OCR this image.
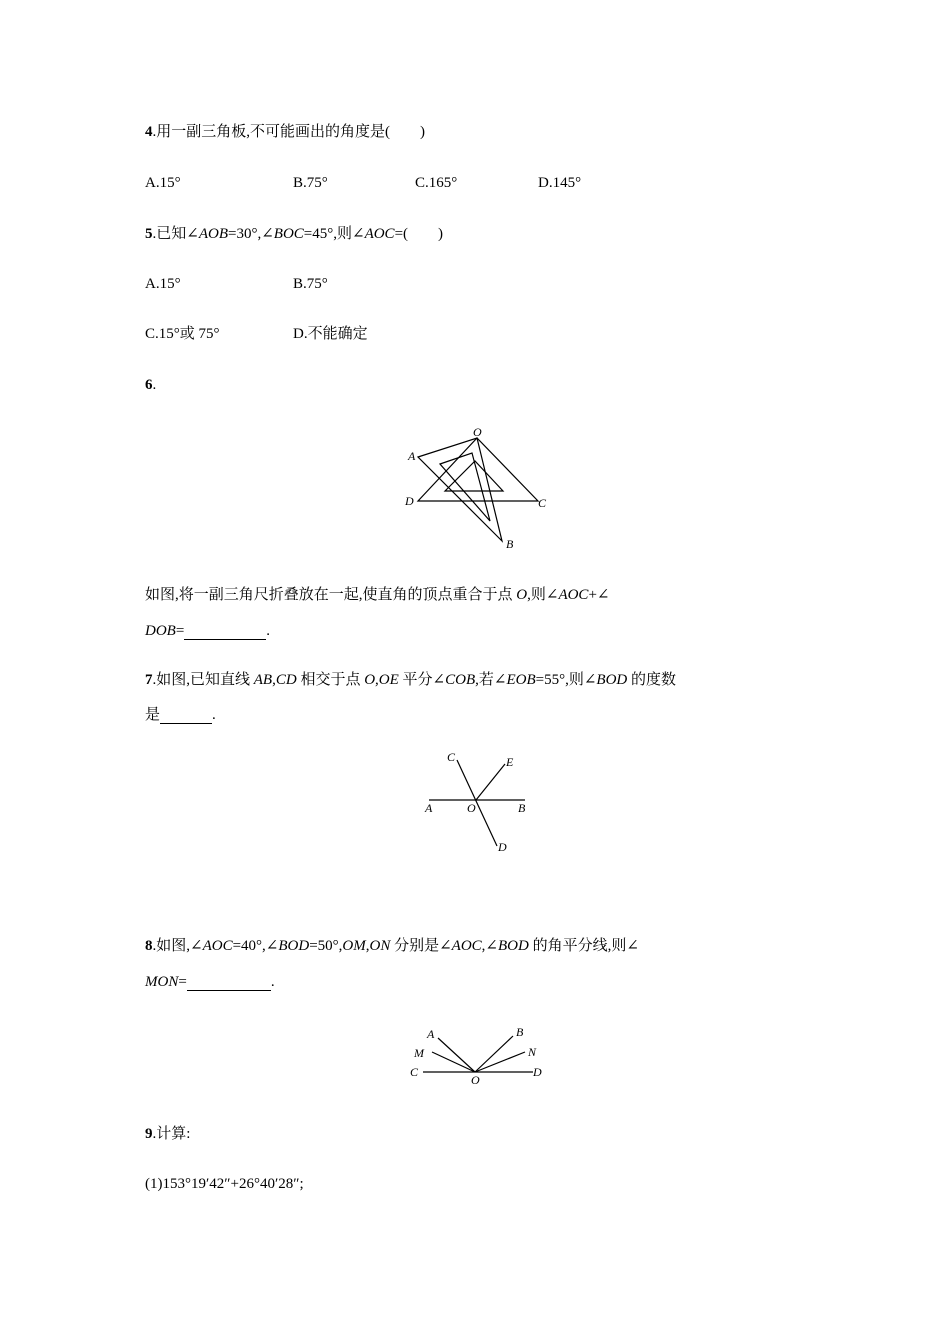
4.用一副三角板,不可能画出的角度是(　　)
A.15°	B.75°	C.165°	D.145°
5.已知∠AOB=30°,∠BOC=45°,则∠AOC=(　　)
A.15°	B.75°
C.15°或 75°	D.不能确定
6.
O
A
D	C
B
如图,将一副三角尺折叠放在一起,使直角的顶点重合于点 O,则∠AOC+∠
DOB=	.
7.如图,已知直线 AB,CD 相交于点 O,OE 平分∠COB,若∠EOB=55°,则∠BOD 的度数
是	.
C	E
A	O	B
D
8.如图,∠AOC=40°,∠BOD=50°,OM,ON 分别是∠AOC,∠BOD 的角平分线,则∠
MON=	.
A	B
M	N
C
O
D
9.计算:
(1)153°19′42″+26°40′28″;
